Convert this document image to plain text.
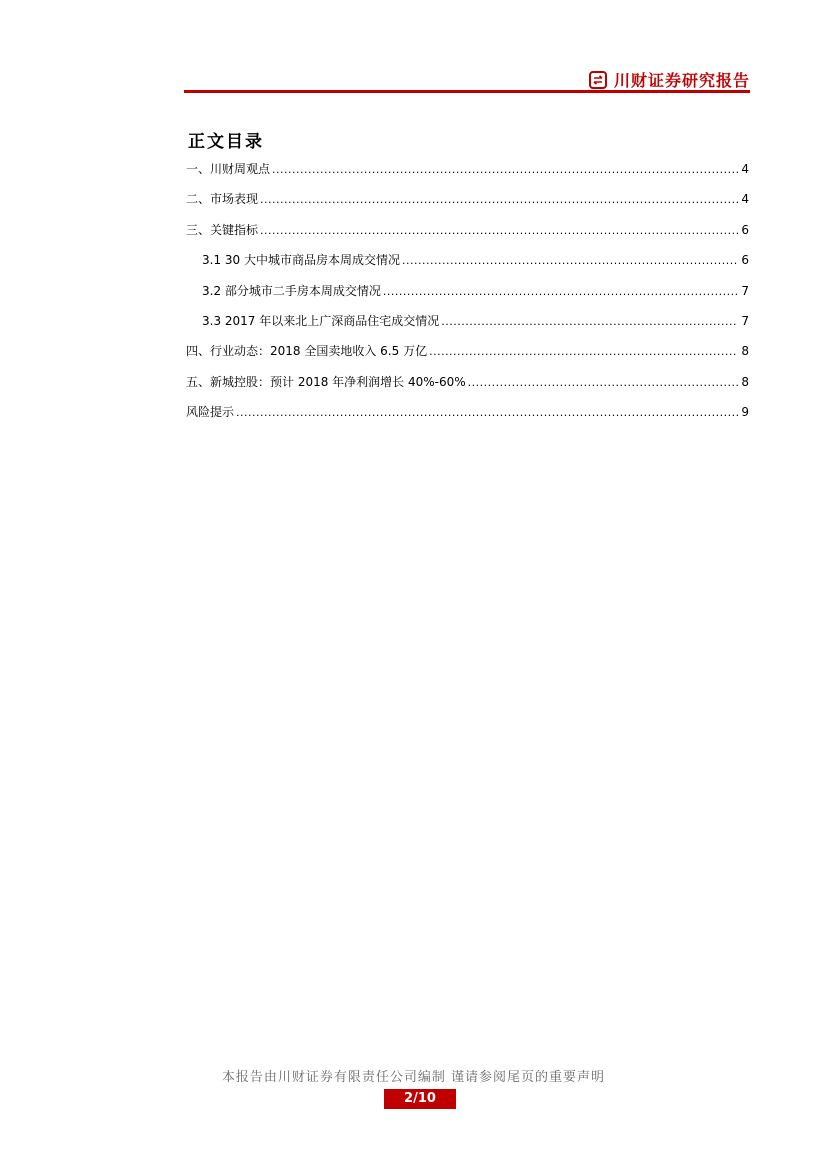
川财证券研究报告
正文目录
一、川财周观点 .....	4
二、市场表现 .....	4
三、关键指标 .....	6
3.1 30 大中城市商品房本周成交情况 .....	6
3.2 部分城市二手房本周成交情况 .....	7
3.3 2017 年以来北上广深商品住宅成交情况 .....	7
四、行业动态：2018 全国卖地收入 6.5 万亿 .....	8
五、新城控股：预计 2018 年净利润增长 40%-60% .....	8
风险提示 .....	9
本报告由川财证券有限责任公司编制 谨请参阅尾页的重要声明
2/10
